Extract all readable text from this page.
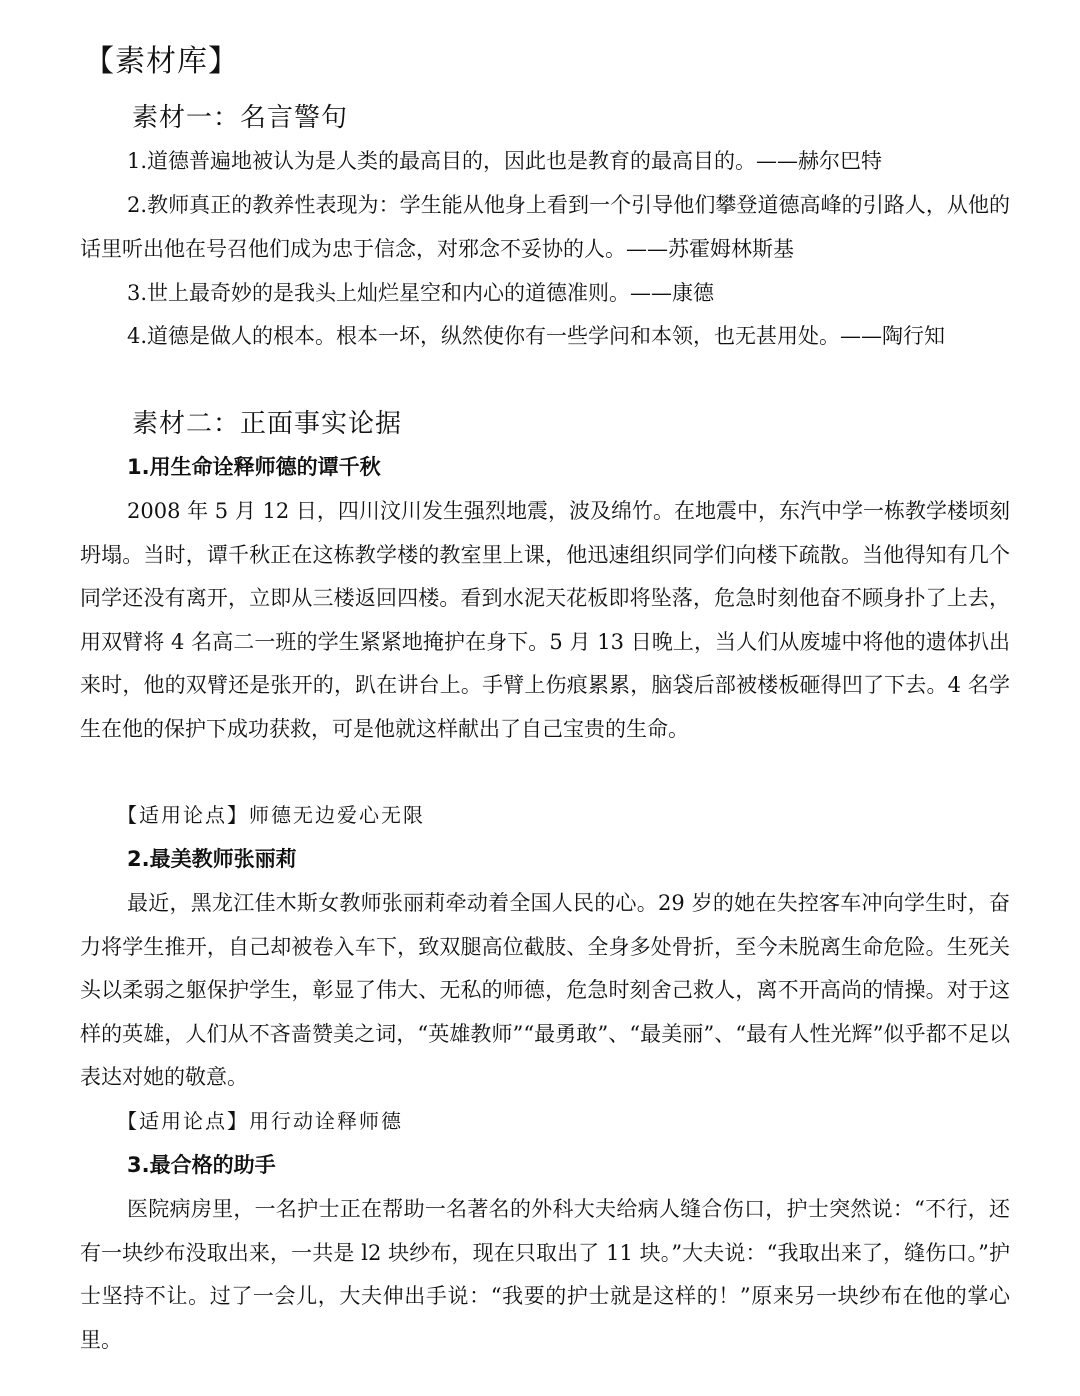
【素材库】
素材一：名言警句

1.道德普遍地被认为是人类的最高目的，因此也是教育的最高目的。——赫尔巴特

2.教师真正的教养性表现为：学生能从他身上看到一个引导他们攀登道德高峰的引路人，从他的话里听出他在号召他们成为忠于信念，对邪念不妥协的人。——苏霍姆林斯基

3.世上最奇妙的是我头上灿烂星空和内心的道德准则。——康德

4.道德是做人的根本。根本一坏，纵然使你有一些学问和本领，也无甚用处。——陶行知

素材二：正面事实论据
1.用生命诠释师德的谭千秋

2008 年 5 月 12 日，四川汶川发生强烈地震，波及绵竹。在地震中，东汽中学一栋教学楼顷刻坍塌。当时，谭千秋正在这栋教学楼的教室里上课，他迅速组织同学们向楼下疏散。当他得知有几个同学还没有离开，立即从三楼返回四楼。看到水泥天花板即将坠落，危急时刻他奋不顾身扑了上去，用双臂将 4 名高二一班的学生紧紧地掩护在身下。5 月 13 日晚上，当人们从废墟中将他的遗体扒出来时，他的双臂还是张开的，趴在讲台上。手臂上伤痕累累，脑袋后部被楼板砸得凹了下去。4 名学生在他的保护下成功获救，可是他就这样献出了自己宝贵的生命。

【适用论点】师德无边爱心无限
2.最美教师张丽莉

最近，黑龙江佳木斯女教师张丽莉牵动着全国人民的心。29 岁的她在失控客车冲向学生时，奋力将学生推开，自己却被卷入车下，致双腿高位截肢、全身多处骨折，至今未脱离生命危险。生死关头以柔弱之躯保护学生，彰显了伟大、无私的师德，危急时刻舍己救人，离不开高尚的情操。对于这样的英雄，人们从不吝啬赞美之词，“英雄教师”“最勇敢”、“最美丽”、“最有人性光辉”似乎都不足以表达对她的敬意。

【适用论点】用行动诠释师德
3.最合格的助手

医院病房里，一名护士正在帮助一名著名的外科大夫给病人缝合伤口，护士突然说：“不行，还有一块纱布没取出来，一共是 l2 块纱布，现在只取出了 11 块。”大夫说：“我取出来了，缝伤口。”护士坚持不让。过了一会儿，大夫伸出手说：“我要的护士就是这样的！”原来另一块纱布在他的掌心里。
